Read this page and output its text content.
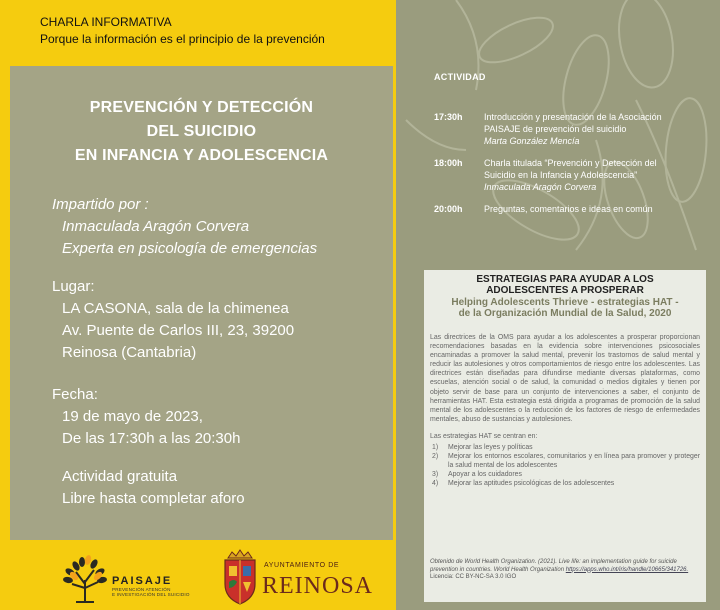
CHARLA INFORMATIVA
Porque la información es el principio de la prevención
PREVENCIÓN Y DETECCIÓN
DEL SUICIDIO
EN INFANCIA Y ADOLESCENCIA
Impartido por :
Inmaculada Aragón Corvera
Experta en psicología de emergencias
Lugar:
LA CASONA, sala de la chimenea
Av. Puente de Carlos III, 23, 39200
Reinosa (Cantabria)
Fecha:
19 de mayo de 2023,
De las 17:30h a las 20:30h
Actividad gratuita
Libre hasta completar aforo
PAISAJE
PREVENCIÓN ATENCIÓN
E INVESTIGACIÓN DEL SUICIDIO
AYUNTAMIENTO DE
REINOSA
ACTIVIDAD
17:30h	Introducción y presentación de la Asociación
PAISAJE de prevención del suicidio
Marta González Mencía
18:00h	Charla titulada “Prevención y Detección del
Suicidio en la Infancia y Adolescencia”
Inmaculada Aragón Corvera
20:00h	Preguntas, comentarios e ideas en común
ESTRATEGIAS PARA AYUDAR A LOS
ADOLESCENTES A PROSPERAR
Helping Adolescents Thrieve - estrategias HAT -
de la Organización Mundial de la Salud, 2020
Las directrices de la OMS para ayudar a los adolescentes a prosperar proporcionan recomendaciones basadas en la evidencia sobre intervenciones psicosociales encaminadas a promover la salud mental, prevenir los trastornos de salud mental y reducir las autolesiones y otros comportamientos de riesgo entre los adolescentes. Las directrices están diseñadas para difundirse mediante diversas plataformas, como escuelas, atención social o de salud, la comunidad o medios digitales y tienen por objeto servir de base para un conjunto de intervenciones a saber, el conjunto de herramientas HAT. Esta estrategia está dirigida a programas de promoción de la salud mental de los adolescentes o la reducción de los factores de riesgo de enfermedades mentales, abuso de sustancias y autolesiones.
Las estrategias HAT se centran en:
1)	Mejorar las leyes y políticas
2)	Mejorar los entornos escolares, comunitarios y en línea para promover y proteger la salud mental de los adolescentes
3)	Apoyar a los cuidadores
4)	Mejorar las aptitudes psicológicas de los adolescentes
Obtenido de World Health Organization. (2021). Live life: an implementation guide for suicide prevention in countries. World Health Organization https://apps.who.int/iris/handle/10665/341726.
Licencia: CC BY-NC-SA 3.0 IGO
